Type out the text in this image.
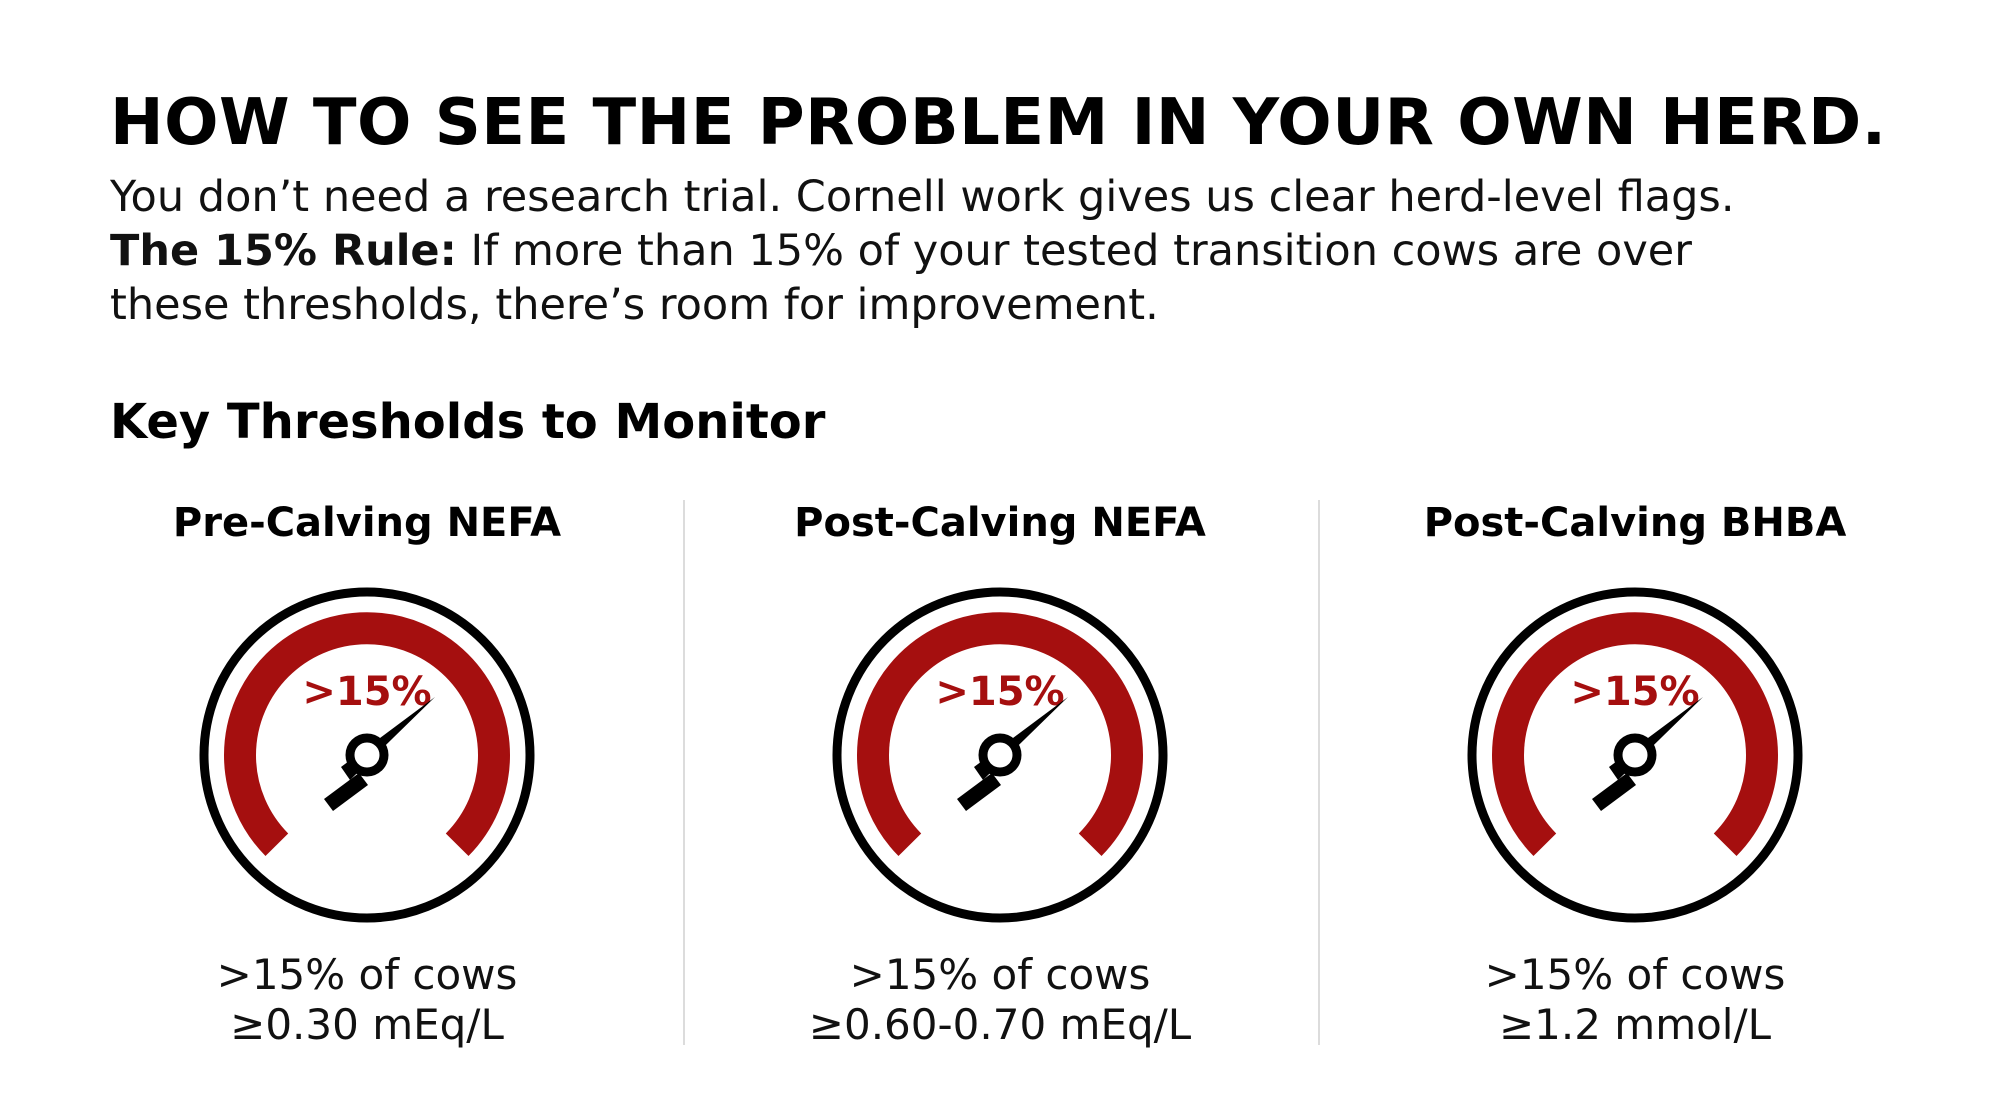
HOW TO SEE THE PROBLEM IN YOUR OWN HERD.

You don’t need a research trial. Cornell work gives us clear herd-level flags.
The 15% Rule: If more than 15% of your tested transition cows are over these thresholds, there’s room for improvement.

Key Thresholds to Monitor
Pre-Calving NEFA
>15%
>15% of cows
≥0.30 mEq/L
Post-Calving NEFA
>15%
>15% of cows
≥0.60-0.70 mEq/L
Post-Calving BHBA
>15%
>15% of cows
≥1.2 mmol/L
